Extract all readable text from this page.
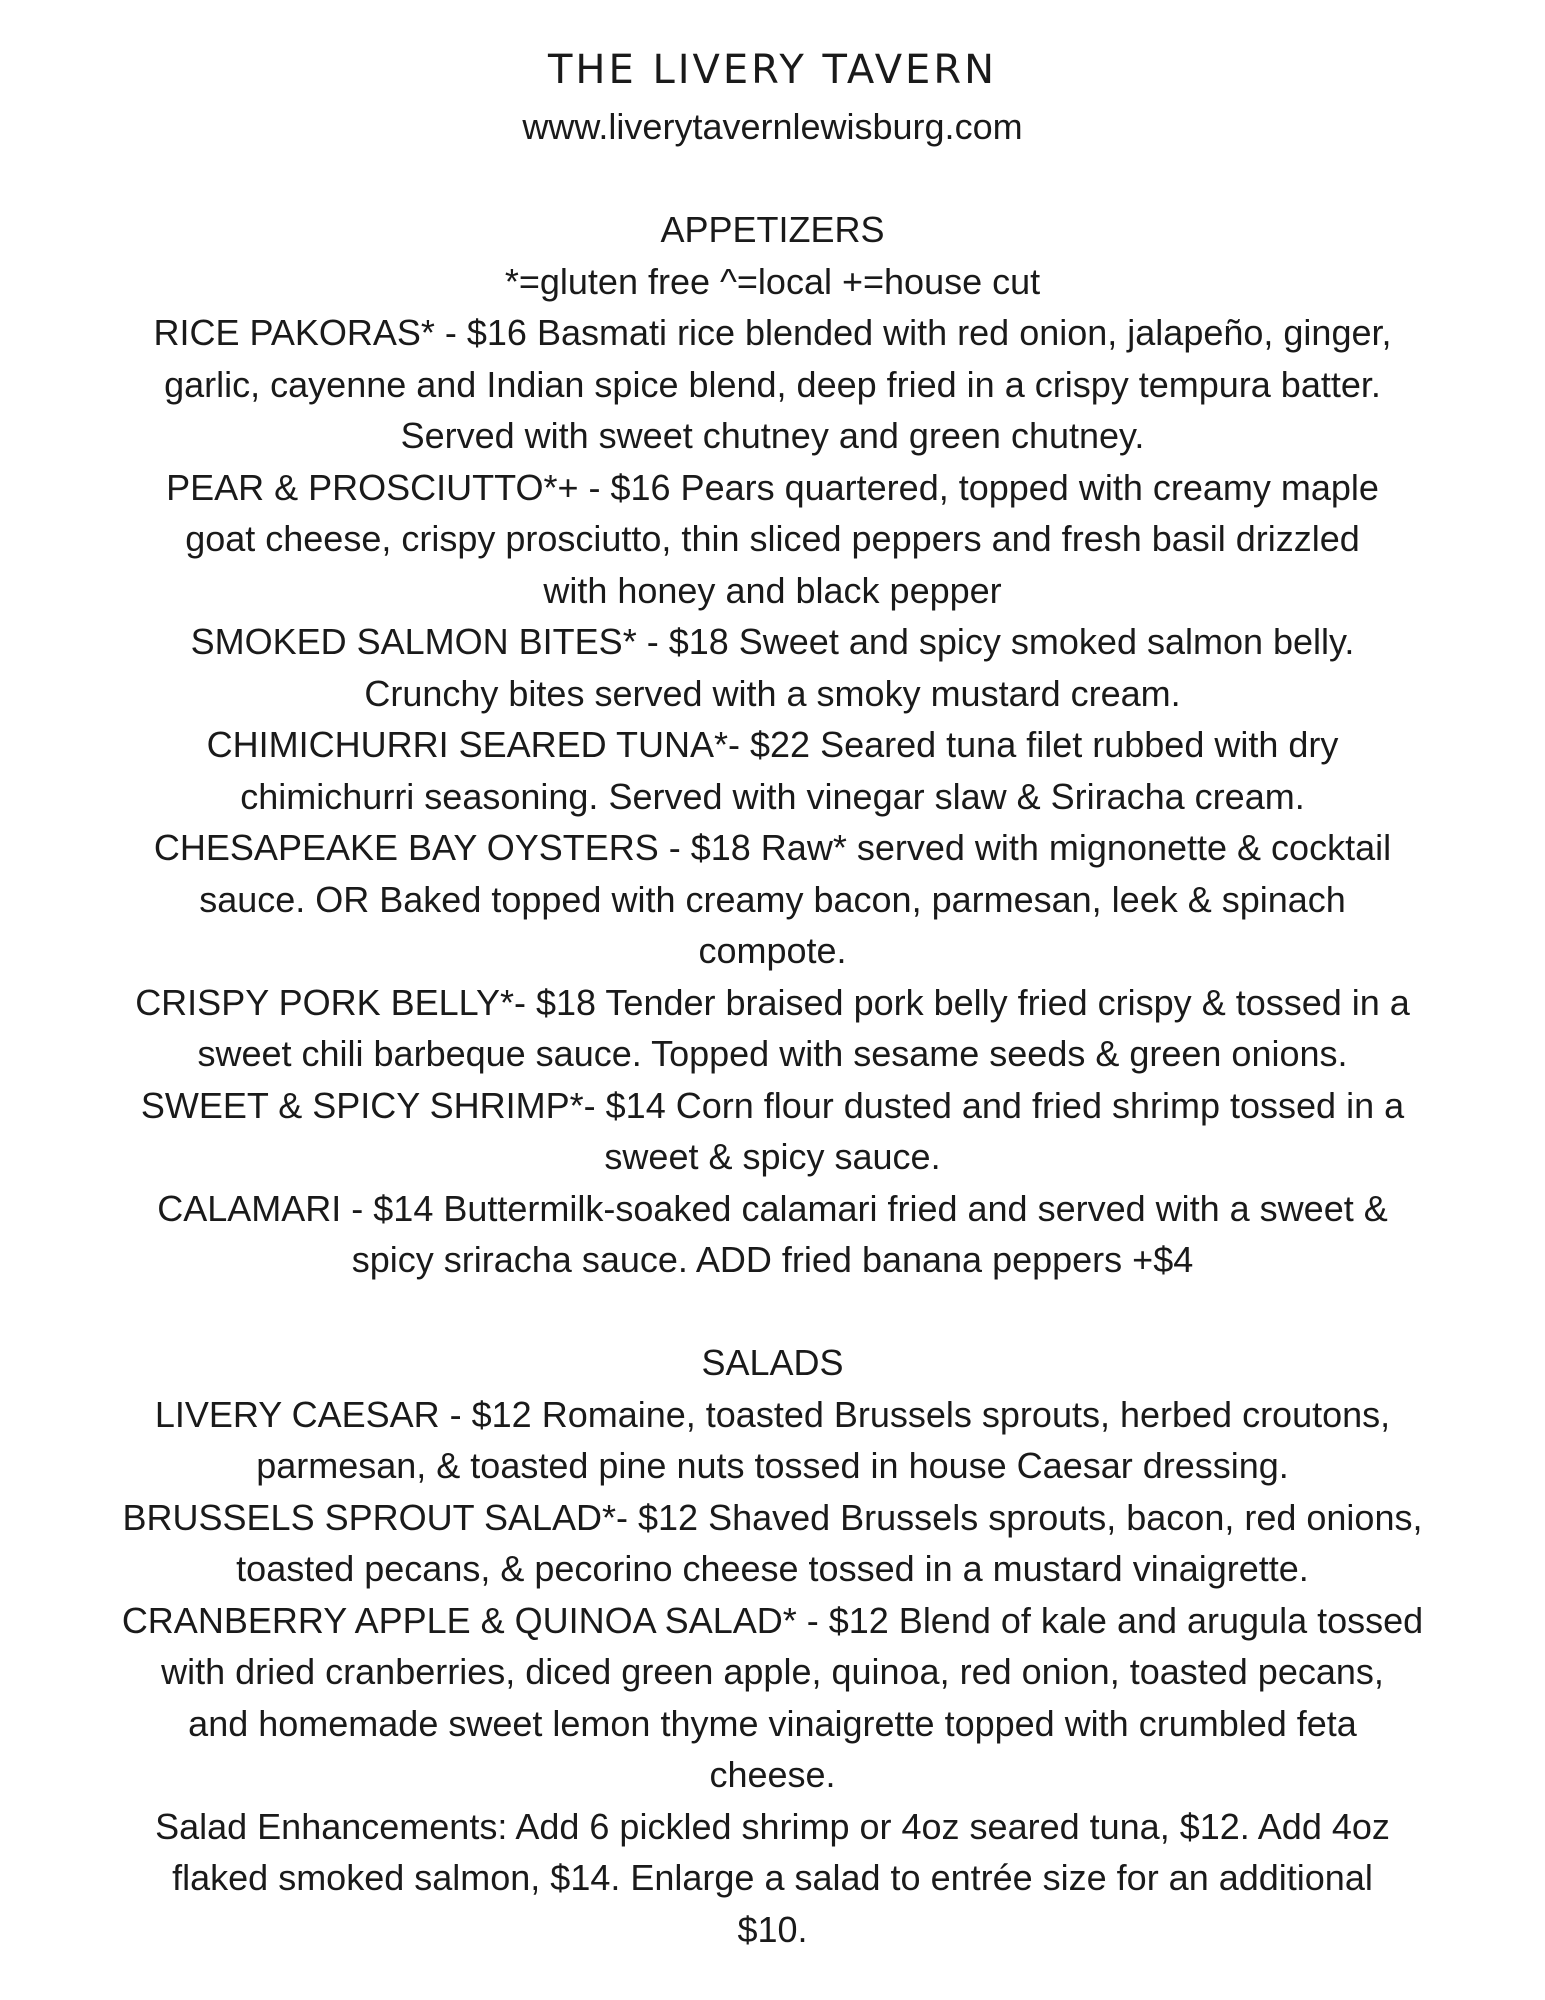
THE LIVERY TAVERN
www.liverytavernlewisburg.com
APPETIZERS
*=gluten free ^=local +=house cut
RICE PAKORAS* - $16 Basmati rice blended with red onion, jalapeño, ginger,
garlic, cayenne and Indian spice blend, deep fried in a crispy tempura batter.
Served with sweet chutney and green chutney.
PEAR & PROSCIUTTO*+ - $16 Pears quartered, topped with creamy maple
goat cheese, crispy prosciutto, thin sliced peppers and fresh basil drizzled
with honey and black pepper
SMOKED SALMON BITES* - $18 Sweet and spicy smoked salmon belly.
Crunchy bites served with a smoky mustard cream.
CHIMICHURRI SEARED TUNA*- $22 Seared tuna filet rubbed with dry
chimichurri seasoning. Served with vinegar slaw & Sriracha cream.
CHESAPEAKE BAY OYSTERS - $18 Raw* served with mignonette & cocktail
sauce. OR Baked topped with creamy bacon, parmesan, leek & spinach
compote.
CRISPY PORK BELLY*- $18 Tender braised pork belly fried crispy & tossed in a
sweet chili barbeque sauce. Topped with sesame seeds & green onions.
SWEET & SPICY SHRIMP*- $14 Corn flour dusted and fried shrimp tossed in a
sweet & spicy sauce.
CALAMARI - $14 Buttermilk-soaked calamari fried and served with a sweet &
spicy sriracha sauce. ADD fried banana peppers +$4
SALADS
LIVERY CAESAR - $12 Romaine, toasted Brussels sprouts, herbed croutons,
parmesan, & toasted pine nuts tossed in house Caesar dressing.
BRUSSELS SPROUT SALAD*- $12 Shaved Brussels sprouts, bacon, red onions,
toasted pecans, & pecorino cheese tossed in a mustard vinaigrette.
CRANBERRY APPLE & QUINOA SALAD* - $12 Blend of kale and arugula tossed
with dried cranberries, diced green apple, quinoa, red onion, toasted pecans,
and homemade sweet lemon thyme vinaigrette topped with crumbled feta
cheese.
Salad Enhancements: Add 6 pickled shrimp or 4oz seared tuna, $12. Add 4oz
flaked smoked salmon, $14. Enlarge a salad to entrée size for an additional
$10.
